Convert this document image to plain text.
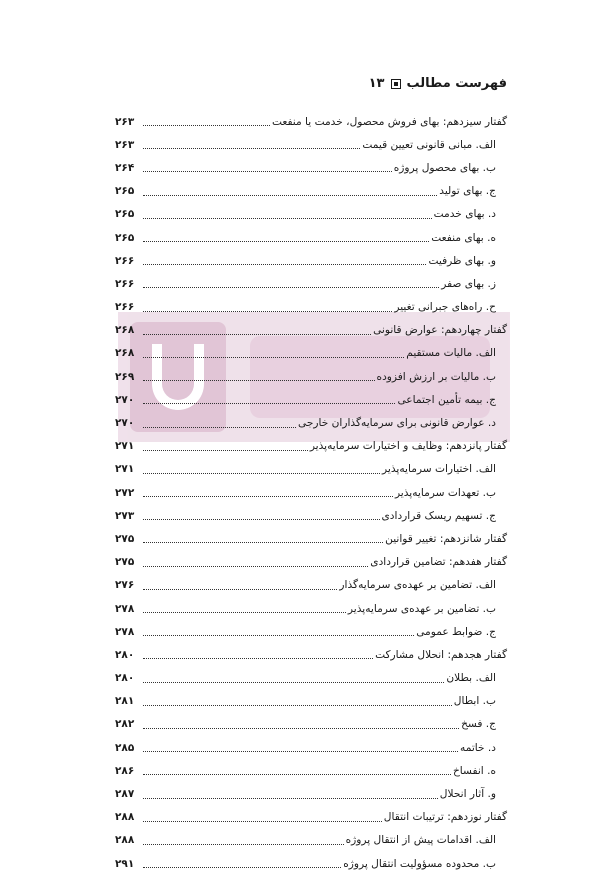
فهرست مطالب
۱۳
گفتار سیزدهم: بهای فروش محصول، خدمت یا منفعت
۲۶۳
الف. مبانی قانونی تعیین قیمت
۲۶۳
ب. بهای محصول پروژه
۲۶۴
ج. بهای تولید
۲۶۵
د. بهای خدمت
۲۶۵
ه. بهای منفعت
۲۶۵
و. بهای ظرفیت
۲۶۶
ز. بهای صفر
۲۶۶
ح. راه‌های جبرانی تغییر
۲۶۶
گفتار چهاردهم: عوارض قانونی
۲۶۸
الف. مالیات مستقیم
۲۶۸
ب. مالیات بر ارزش افزوده
۲۶۹
ج. بیمه تأمین اجتماعی
۲۷۰
د. عوارض قانونی برای سرمایه‌گذاران خارجی
۲۷۰
گفتار پانزدهم: وظایف و اختیارات سرمایه‌پذیر
۲۷۱
الف. اختیارات سرمایه‌پذیر
۲۷۱
ب. تعهدات سرمایه‌پذیر
۲۷۲
ج. تسهیم ریسک قراردادی
۲۷۳
گفتار شانزدهم: تغییر قوانین
۲۷۵
گفتار هفدهم: تضامین قراردادی
۲۷۵
الف. تضامین بر عهده‌ی سرمایه‌گذار
۲۷۶
ب. تضامین بر عهده‌ی سرمایه‌پذیر
۲۷۸
ج. ضوابط عمومی
۲۷۸
گفتار هجدهم: انحلال مشارکت
۲۸۰
الف. بطلان
۲۸۰
ب. ابطال
۲۸۱
ج. فسخ
۲۸۲
د. خاتمه
۲۸۵
ه. انفساخ
۲۸۶
و. آثار انحلال
۲۸۷
گفتار نوزدهم: ترتیبات انتقال
۲۸۸
الف. اقدامات پیش از انتقال پروژه
۲۸۸
ب. محدوده مسؤولیت انتقال پروژه
۲۹۱
